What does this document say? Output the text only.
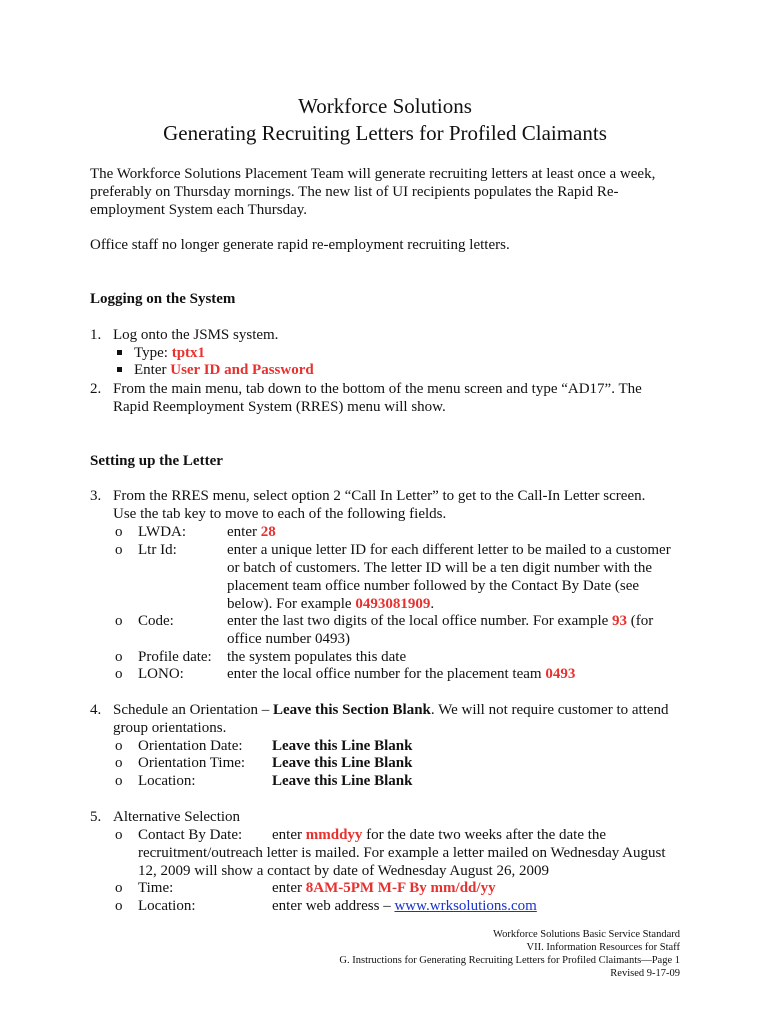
Workforce Solutions
Generating Recruiting Letters for Profiled Claimants
The Workforce Solutions Placement Team will generate recruiting letters at least once a week,
preferably on Thursday mornings. The new list of UI recipients populates the Rapid Re-
employment System each Thursday.
Office staff no longer generate rapid re-employment recruiting letters.
Logging on the System
1. Log onto the JSMS system.
Type: tptx1
Enter User ID and Password
2. From the main menu, tab down to the bottom of the menu screen and type “AD17”. The
Rapid Reemployment System (RRES) menu will show.
Setting up the Letter
3. From the RRES menu, select option 2 “Call In Letter” to get to the Call-In Letter screen.
Use the tab key to move to each of the following fields.
o LWDA:	enter 28
o Ltr Id:	enter a unique letter ID for each different letter to be mailed to a customer
or batch of customers. The letter ID will be a ten digit number with the
placement team office number followed by the Contact By Date (see
below). For example 0493081909.
o Code:	enter the last two digits of the local office number. For example 93 (for
office number 0493)
o Profile date: the system populates this date
o LONO:	enter the local office number for the placement team 0493
4. Schedule an Orientation – Leave this Section Blank. We will not require customer to attend
group orientations.
o Orientation Date: Leave this Line Blank
o Orientation Time: Leave this Line Blank
o Location:	Leave this Line Blank
5. Alternative Selection
o Contact By Date: enter mmddyy for the date two weeks after the date the
recruitment/outreach letter is mailed. For example a letter mailed on Wednesday August
12, 2009 will show a contact by date of Wednesday August 26, 2009
o Time:	enter 8AM-5PM M-F By mm/dd/yy
o Location:	enter web address – www.wrksolutions.com
Workforce Solutions Basic Service Standard
VII. Information Resources for Staff
G. Instructions for Generating Recruiting Letters for Profiled Claimants—Page 1
Revised 9-17-09
